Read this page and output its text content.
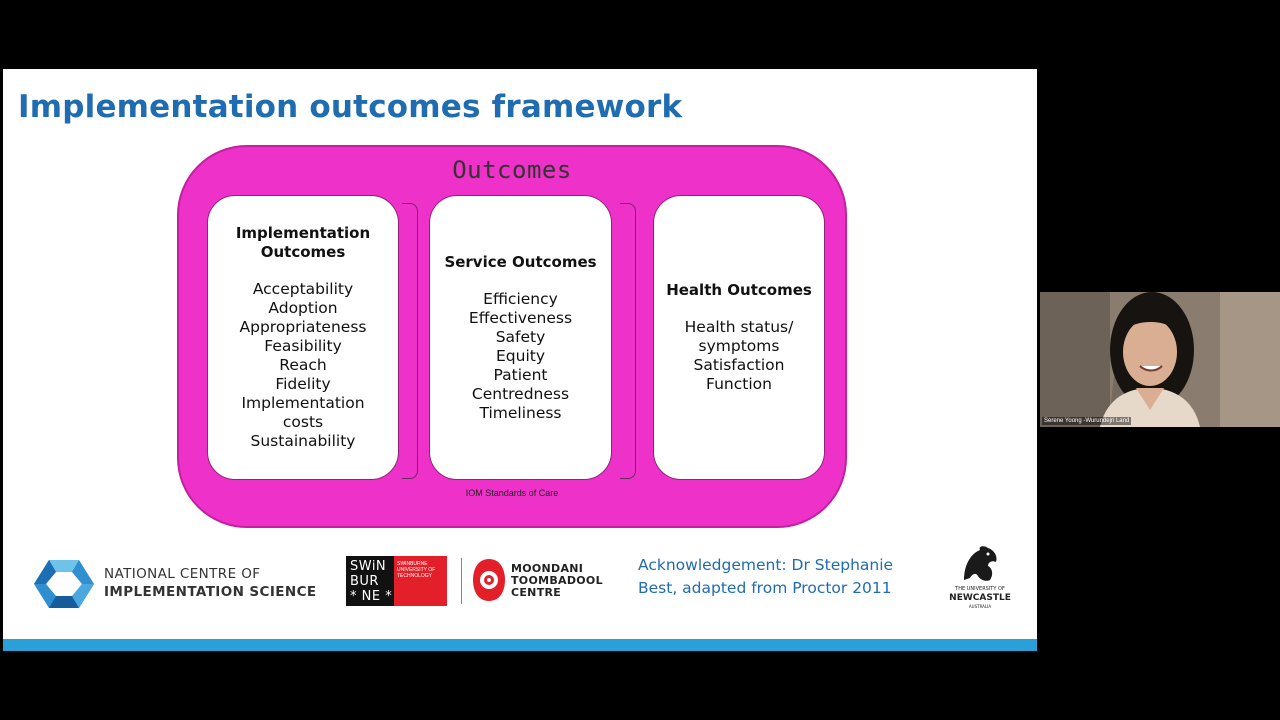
Implementation outcomes framework
Outcomes
Implementation
Outcomes
Acceptability
Adoption
Appropriateness
Feasibility
Reach
Fidelity
Implementation
costs
Sustainability
Service Outcomes
Efficiency
Effectiveness
Safety
Equity
Patient
Centredness
Timeliness
Health Outcomes
Health status/
symptoms
Satisfaction
Function
IOM Standards of Care
NATIONAL CENTRE OF
IMPLEMENTATION SCIENCE
SWiN
BUR
* NE *
SWINBURNE
UNIVERSITY OF
TECHNOLOGY
MOONDANI
TOOMBADOOL
CENTRE
Acknowledgement: Dr Stephanie
Best, adapted from Proctor 2011	THE UNIVERSITY OF
NEWCASTLE
AUSTRALIA
Serene Yoong -Wurundejri Land
